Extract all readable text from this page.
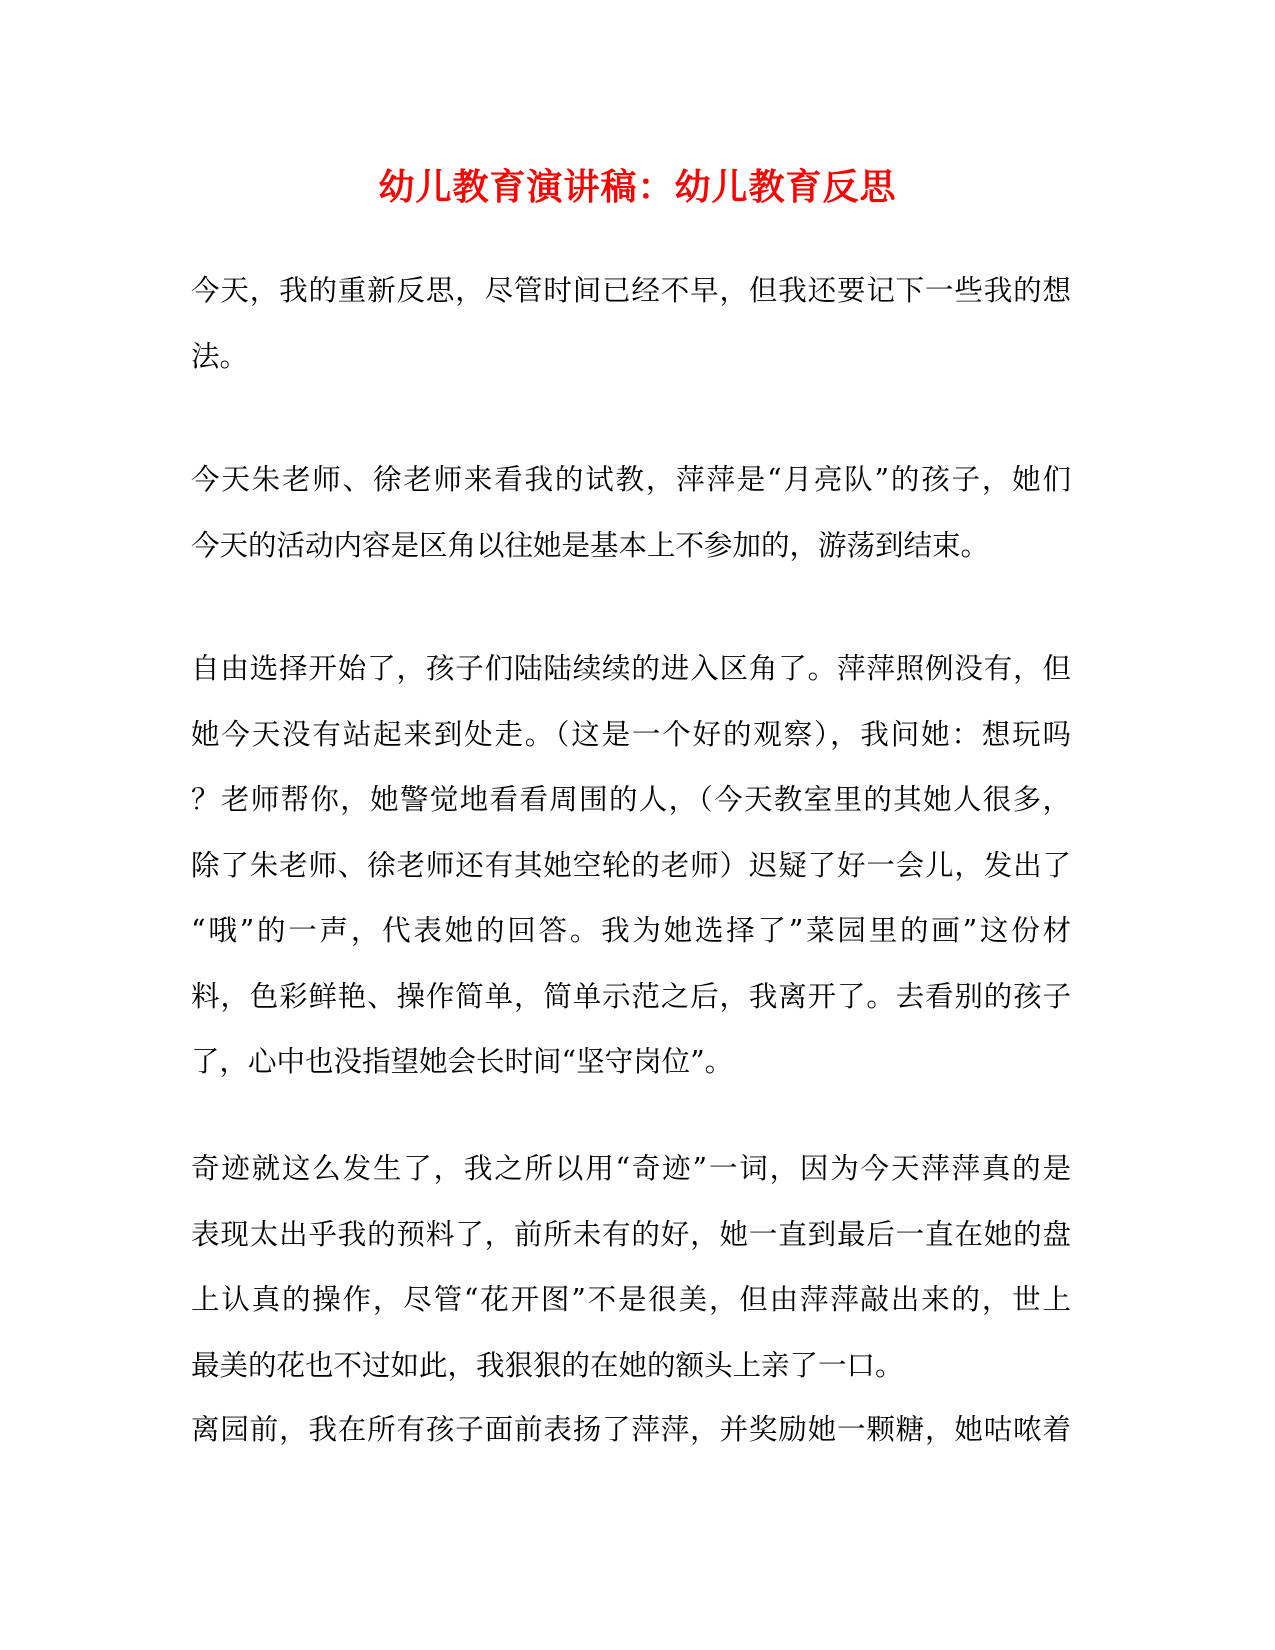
幼儿教育演讲稿：幼儿教育反思

今天，我的重新反思，尽管时间已经不早，但我还要记下一些我的想
法。

今天朱老师、徐老师来看我的试教，萍萍是“月亮队”的孩子，她们
今天的活动内容是区角以往她是基本上不参加的，游荡到结束。

自由选择开始了，孩子们陆陆续续的进入区角了。萍萍照例没有，但
她今天没有站起来到处走。（这是一个好的观察），我问她：想玩吗
？老师帮你，她警觉地看看周围的人，（今天教室里的其她人很多，
除了朱老师、徐老师还有其她空轮的老师）迟疑了好一会儿，发出了
“哦”的一声，代表她的回答。我为她选择了”菜园里的画”这份材
料，色彩鲜艳、操作简单，简单示范之后，我离开了。去看别的孩子
了，心中也没指望她会长时间“坚守岗位”。

奇迹就这么发生了，我之所以用“奇迹”一词，因为今天萍萍真的是
表现太出乎我的预料了，前所未有的好，她一直到最后一直在她的盘
上认真的操作，尽管“花开图”不是很美，但由萍萍敲出来的，世上
最美的花也不过如此，我狠狠的在她的额头上亲了一口。

离园前，我在所有孩子面前表扬了萍萍，并奖励她一颗糖，她咕哝着
